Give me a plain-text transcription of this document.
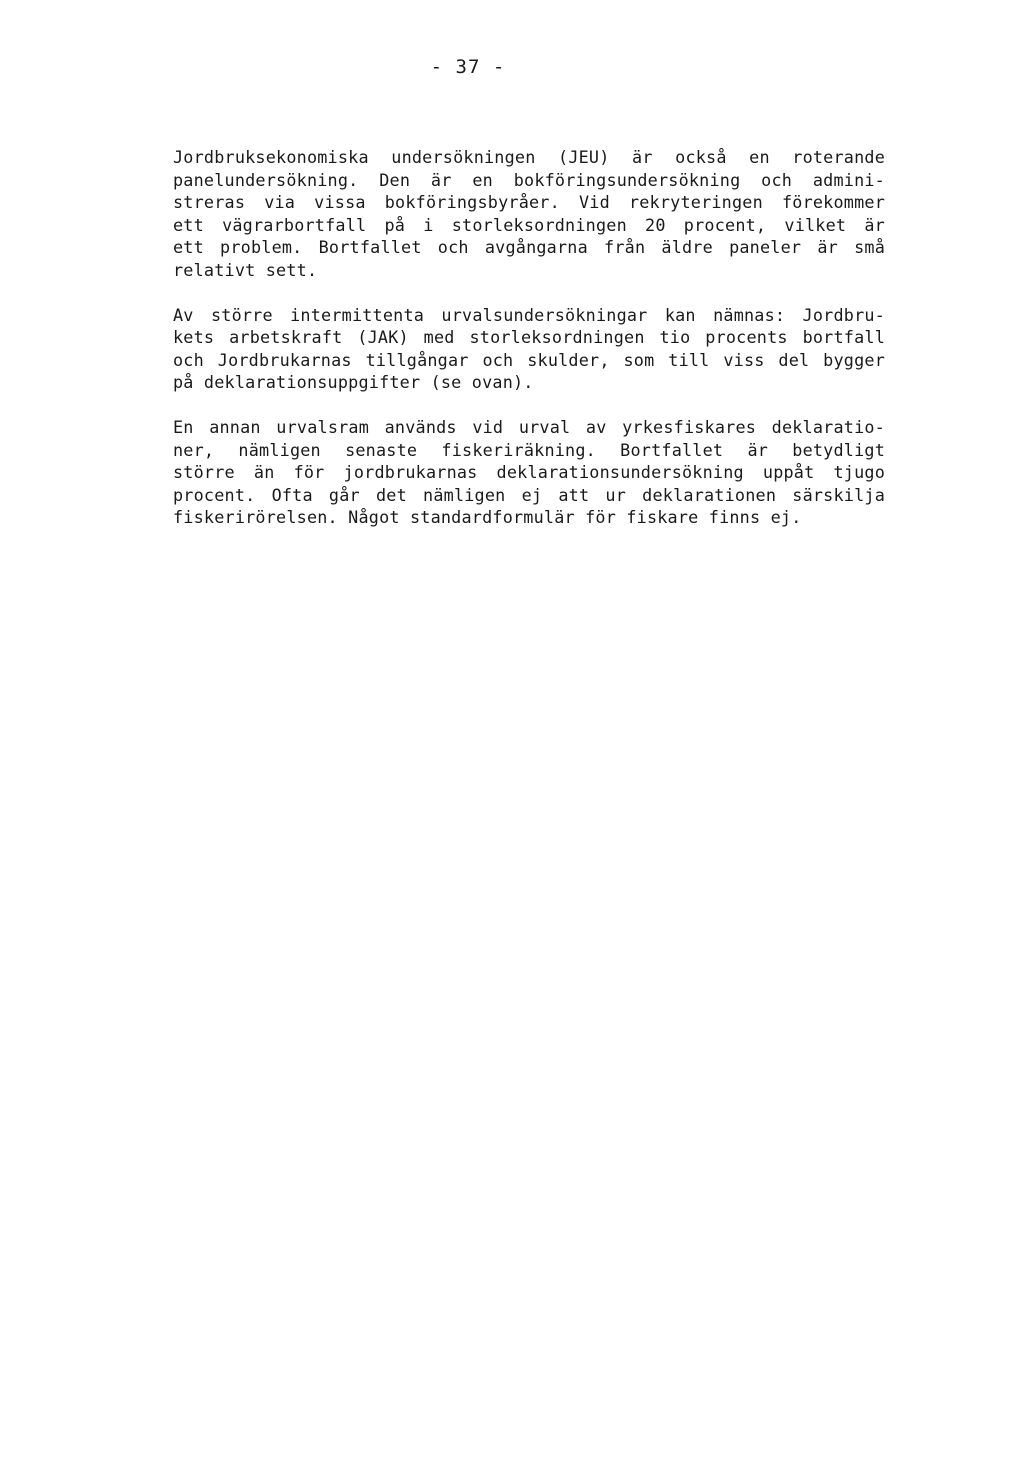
- 37 -

Jordbruksekonomiska undersökningen (JEU) är också en roterande
panelundersökning. Den är en bokföringsundersökning och admini-
streras via vissa bokföringsbyråer. Vid rekryteringen förekommer
ett vägrarbortfall på i storleksordningen 20 procent, vilket är
ett problem. Bortfallet och avgångarna från äldre paneler är små
relativt sett.

Av större intermittenta urvalsundersökningar kan nämnas: Jordbru-
kets arbetskraft (JAK) med storleksordningen tio procents bortfall
och Jordbrukarnas tillgångar och skulder, som till viss del bygger
på deklarationsuppgifter (se ovan).

En annan urvalsram används vid urval av yrkesfiskares deklaratio-
ner, nämligen senaste fiskeriräkning. Bortfallet är betydligt
större än för jordbrukarnas deklarationsundersökning uppåt tjugo
procent. Ofta går det nämligen ej att ur deklarationen särskilja
fiskerirörelsen. Något standardformulär för fiskare finns ej.
